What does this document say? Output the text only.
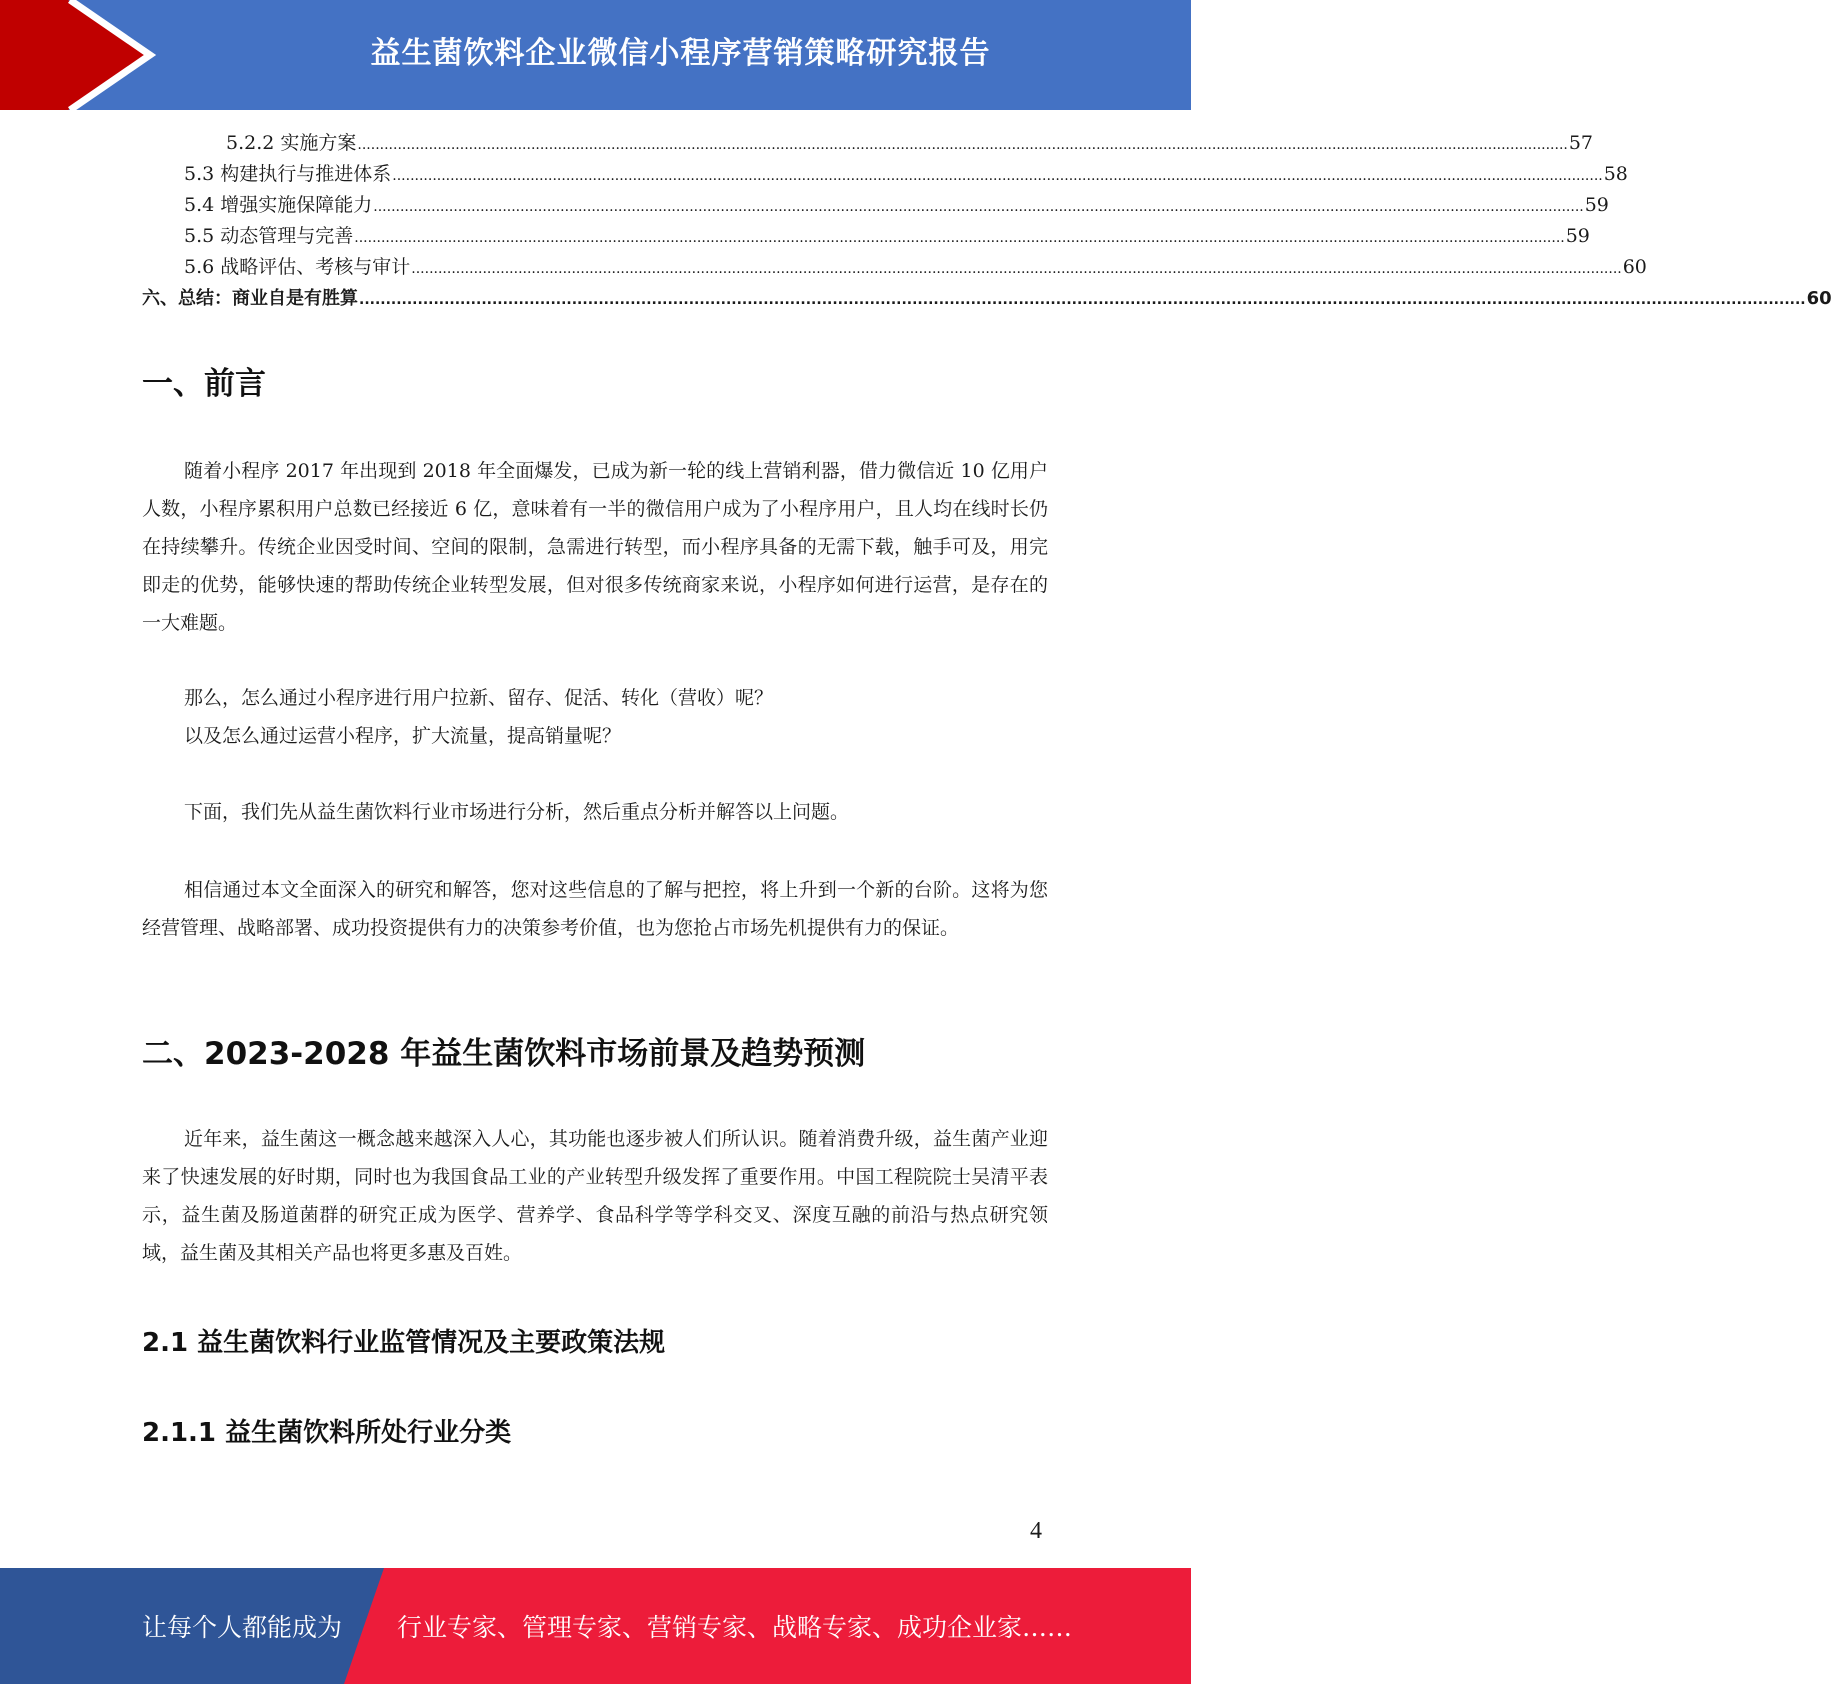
益生菌饮料企业微信小程序营销策略研究报告
5.2.2 实施方案 ................................................................................................................................................................................................................................................................................ 57
5.3 构建执行与推进体系 ................................................................................................................................................................................................................................................................................ 58
5.4 增强实施保障能力 ................................................................................................................................................................................................................................................................................ 59
5.5 动态管理与完善 ................................................................................................................................................................................................................................................................................ 59
5.6 战略评估、考核与审计 ................................................................................................................................................................................................................................................................................ 60
六、总结：商业自是有胜算 ................................................................................................................................................................................................................................................................................ 60
一、前言

随着小程序 2017 年出现到 2018 年全面爆发，已成为新一轮的线上营销利器，借力微信近 10 亿用户人数，小程序累积用户总数已经接近 6 亿，意味着有一半的微信用户成为了小程序用户，且人均在线时长仍在持续攀升。传统企业因受时间、空间的限制，急需进行转型，而小程序具备的无需下载，触手可及，用完即走的优势，能够快速的帮助传统企业转型发展，但对很多传统商家来说，小程序如何进行运营，是存在的一大难题。

那么，怎么通过小程序进行用户拉新、留存、促活、转化（营收）呢？

以及怎么通过运营小程序，扩大流量，提高销量呢？

下面，我们先从益生菌饮料行业市场进行分析，然后重点分析并解答以上问题。

相信通过本文全面深入的研究和解答，您对这些信息的了解与把控，将上升到一个新的台阶。这将为您经营管理、战略部署、成功投资提供有力的决策参考价值，也为您抢占市场先机提供有力的保证。

二、2023-2028 年益生菌饮料市场前景及趋势预测

近年来，益生菌这一概念越来越深入人心，其功能也逐步被人们所认识。随着消费升级，益生菌产业迎来了快速发展的好时期，同时也为我国食品工业的产业转型升级发挥了重要作用。中国工程院院士吴清平表示，益生菌及肠道菌群的研究正成为医学、营养学、食品科学等学科交叉、深度互融的前沿与热点研究领域，益生菌及其相关产品也将更多惠及百姓。

2.1 益生菌饮料行业监管情况及主要政策法规
2.1.1 益生菌饮料所处行业分类
4
让每个人都能成为 行业专家、管理专家、营销专家、战略专家、成功企业家……
